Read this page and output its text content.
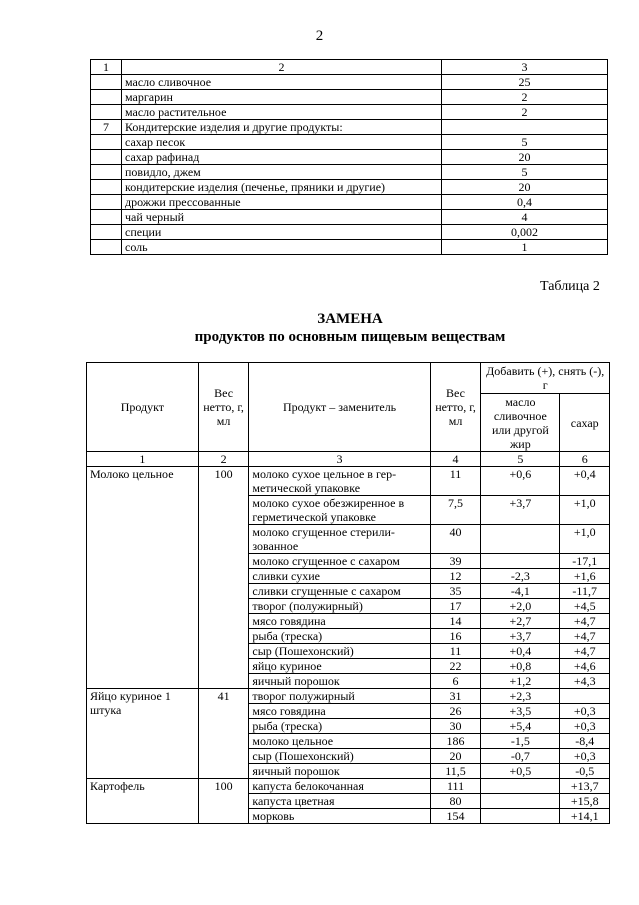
2
1	2	3
	масло сливочное	25
	маргарин	2
	масло растительное	2
7	Кондитерские изделия и другие продукты:	
	сахар песок	5
	сахар рафинад	20
	повидло, джем	5
	кондитерские изделия (печенье, пряники и другие)	20
	дрожжи прессованные	0,4
	чай черный	4
	специи	0,002
	соль	1
Таблица 2
ЗАМЕНА
продуктов по основным пищевым веществам
Продукт	Вес нетто, г, мл	Продукт – заменитель	Вес нетто, г, мл	Добавить (+), снять (-), г	
				масло сливочное или другой жир	сахар
1	2	3	4	5	6
Молоко цельное	100	молоко сухое цельное в гер-метической упаковке	11	+0,6	+0,4
		молоко сухое обезжиренное в герметической упаковке	7,5	+3,7	+1,0
		молоко сгущенное стерили-зованное	40		+1,0
		молоко сгущенное с сахаром	39		-17,1
		сливки сухие	12	-2,3	+1,6
		сливки сгущенные с сахаром	35	-4,1	-11,7
		творог (полужирный)	17	+2,0	+4,5
		мясо говядина	14	+2,7	+4,7
		рыба (треска)	16	+3,7	+4,7
		сыр (Пошехонский)	11	+0,4	+4,7
		яйцо куриное	22	+0,8	+4,6
		яичный порошок	6	+1,2	+4,3
Яйцо куриное 1 штука	41	творог полужирный	31	+2,3	
		мясо говядина	26	+3,5	+0,3
		рыба (треска)	30	+5,4	+0,3
		молоко цельное	186	-1,5	-8,4
		сыр (Пошехонский)	20	-0,7	+0,3
		яичный порошок	11,5	+0,5	-0,5
Картофель	100	капуста белокочанная	111		+13,7
		капуста цветная	80		+15,8
		морковь	154		+14,1
